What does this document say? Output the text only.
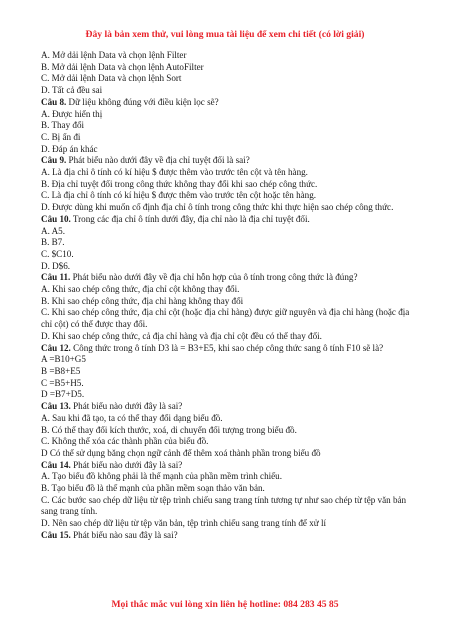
Đây là bản xem thử, vui lòng mua tài liệu để xem chi tiết (có lời giải)

A. Mở dải lệnh Data và chọn lệnh Filter

B. Mở dải lệnh Data và chọn lệnh AutoFilter

C. Mở dải lệnh Data và chọn lệnh Sort

D. Tất cả đều sai

Câu 8. Dữ liệu không đúng với điều kiện lọc sẽ?

A. Được hiển thị

B. Thay đổi

C. Bị ẩn đi

D. Đáp án khác

Câu 9. Phát biểu nào dưới đây về địa chỉ tuyệt đối là sai?

A. Là địa chỉ ô tính có kí hiệu $ được thêm vào trước tên cột và tên hàng.

B. Địa chỉ tuyệt đối trong công thức không thay đổi khi sao chép công thức.

C. Là địa chỉ ô tính có kí hiệu $ được thêm vào trước tên cột hoặc tên hàng.

D. Được dùng khi muốn cố định địa chỉ ô tính trong công thức khi thực hiện sao chép công thức.

Câu 10. Trong các địa chỉ ô tính dưới đây, địa chỉ nào là địa chỉ tuyệt đối.

A. A5.

B. B7.

C. $C10.

D. D$6.

Câu 11. Phát biểu nào dưới đây về địa chỉ hỗn hợp của ô tính trong công thức là đúng?

A. Khi sao chép công thức, địa chỉ cột không thay đổi.

B. Khi sao chép công thức, địa chỉ hàng không thay đổi

C. Khi sao chép công thức, địa chỉ cột (hoặc địa chỉ hàng) được giữ nguyên và địa chỉ hàng (hoặc địa chỉ cột) có thể được thay đổi.

D. Khi sao chép công thức, cả địa chỉ hàng và địa chỉ cột đều có thể thay đổi.

Câu 12. Công thức trong ô tính D3 là = B3+E5, khi sao chép công thức sang ô tính F10 sẽ là?

A =B10+G5

B =B8+E5

C =B5+H5.

D =B7+D5.

Câu 13. Phát biểu nào dưới đây là sai?

A. Sau khi đã tạo, ta có thể thay đổi dạng biểu đồ.

B. Có thể thay đổi kích thước, xoá, di chuyển đối tượng trong biểu đồ.

C. Không thể xóa các thành phần của biểu đồ.

D Có thể sử dụng băng chọn ngữ cảnh để thêm xoá thành phần trong biểu đồ

Câu 14. Phát biểu nào dưới đây là sai?

A. Tạo biểu đồ không phải là thế mạnh của phần mềm trình chiếu.

B. Tạo biểu đồ là thế mạnh của phần mềm soạn thảo văn bản.

C. Các bước sao chép dữ liệu từ tệp trình chiếu sang trang tính tương tự như sao chép từ tệp văn bản sang trang tính.

D. Nên sao chép dữ liệu từ tệp văn bản, tệp trình chiếu sang trang tính để xử lí

Câu 15. Phát biểu nào sau đây là sai?

Mọi thắc mắc vui lòng xin liên hệ hotline: 084 283 45 85
